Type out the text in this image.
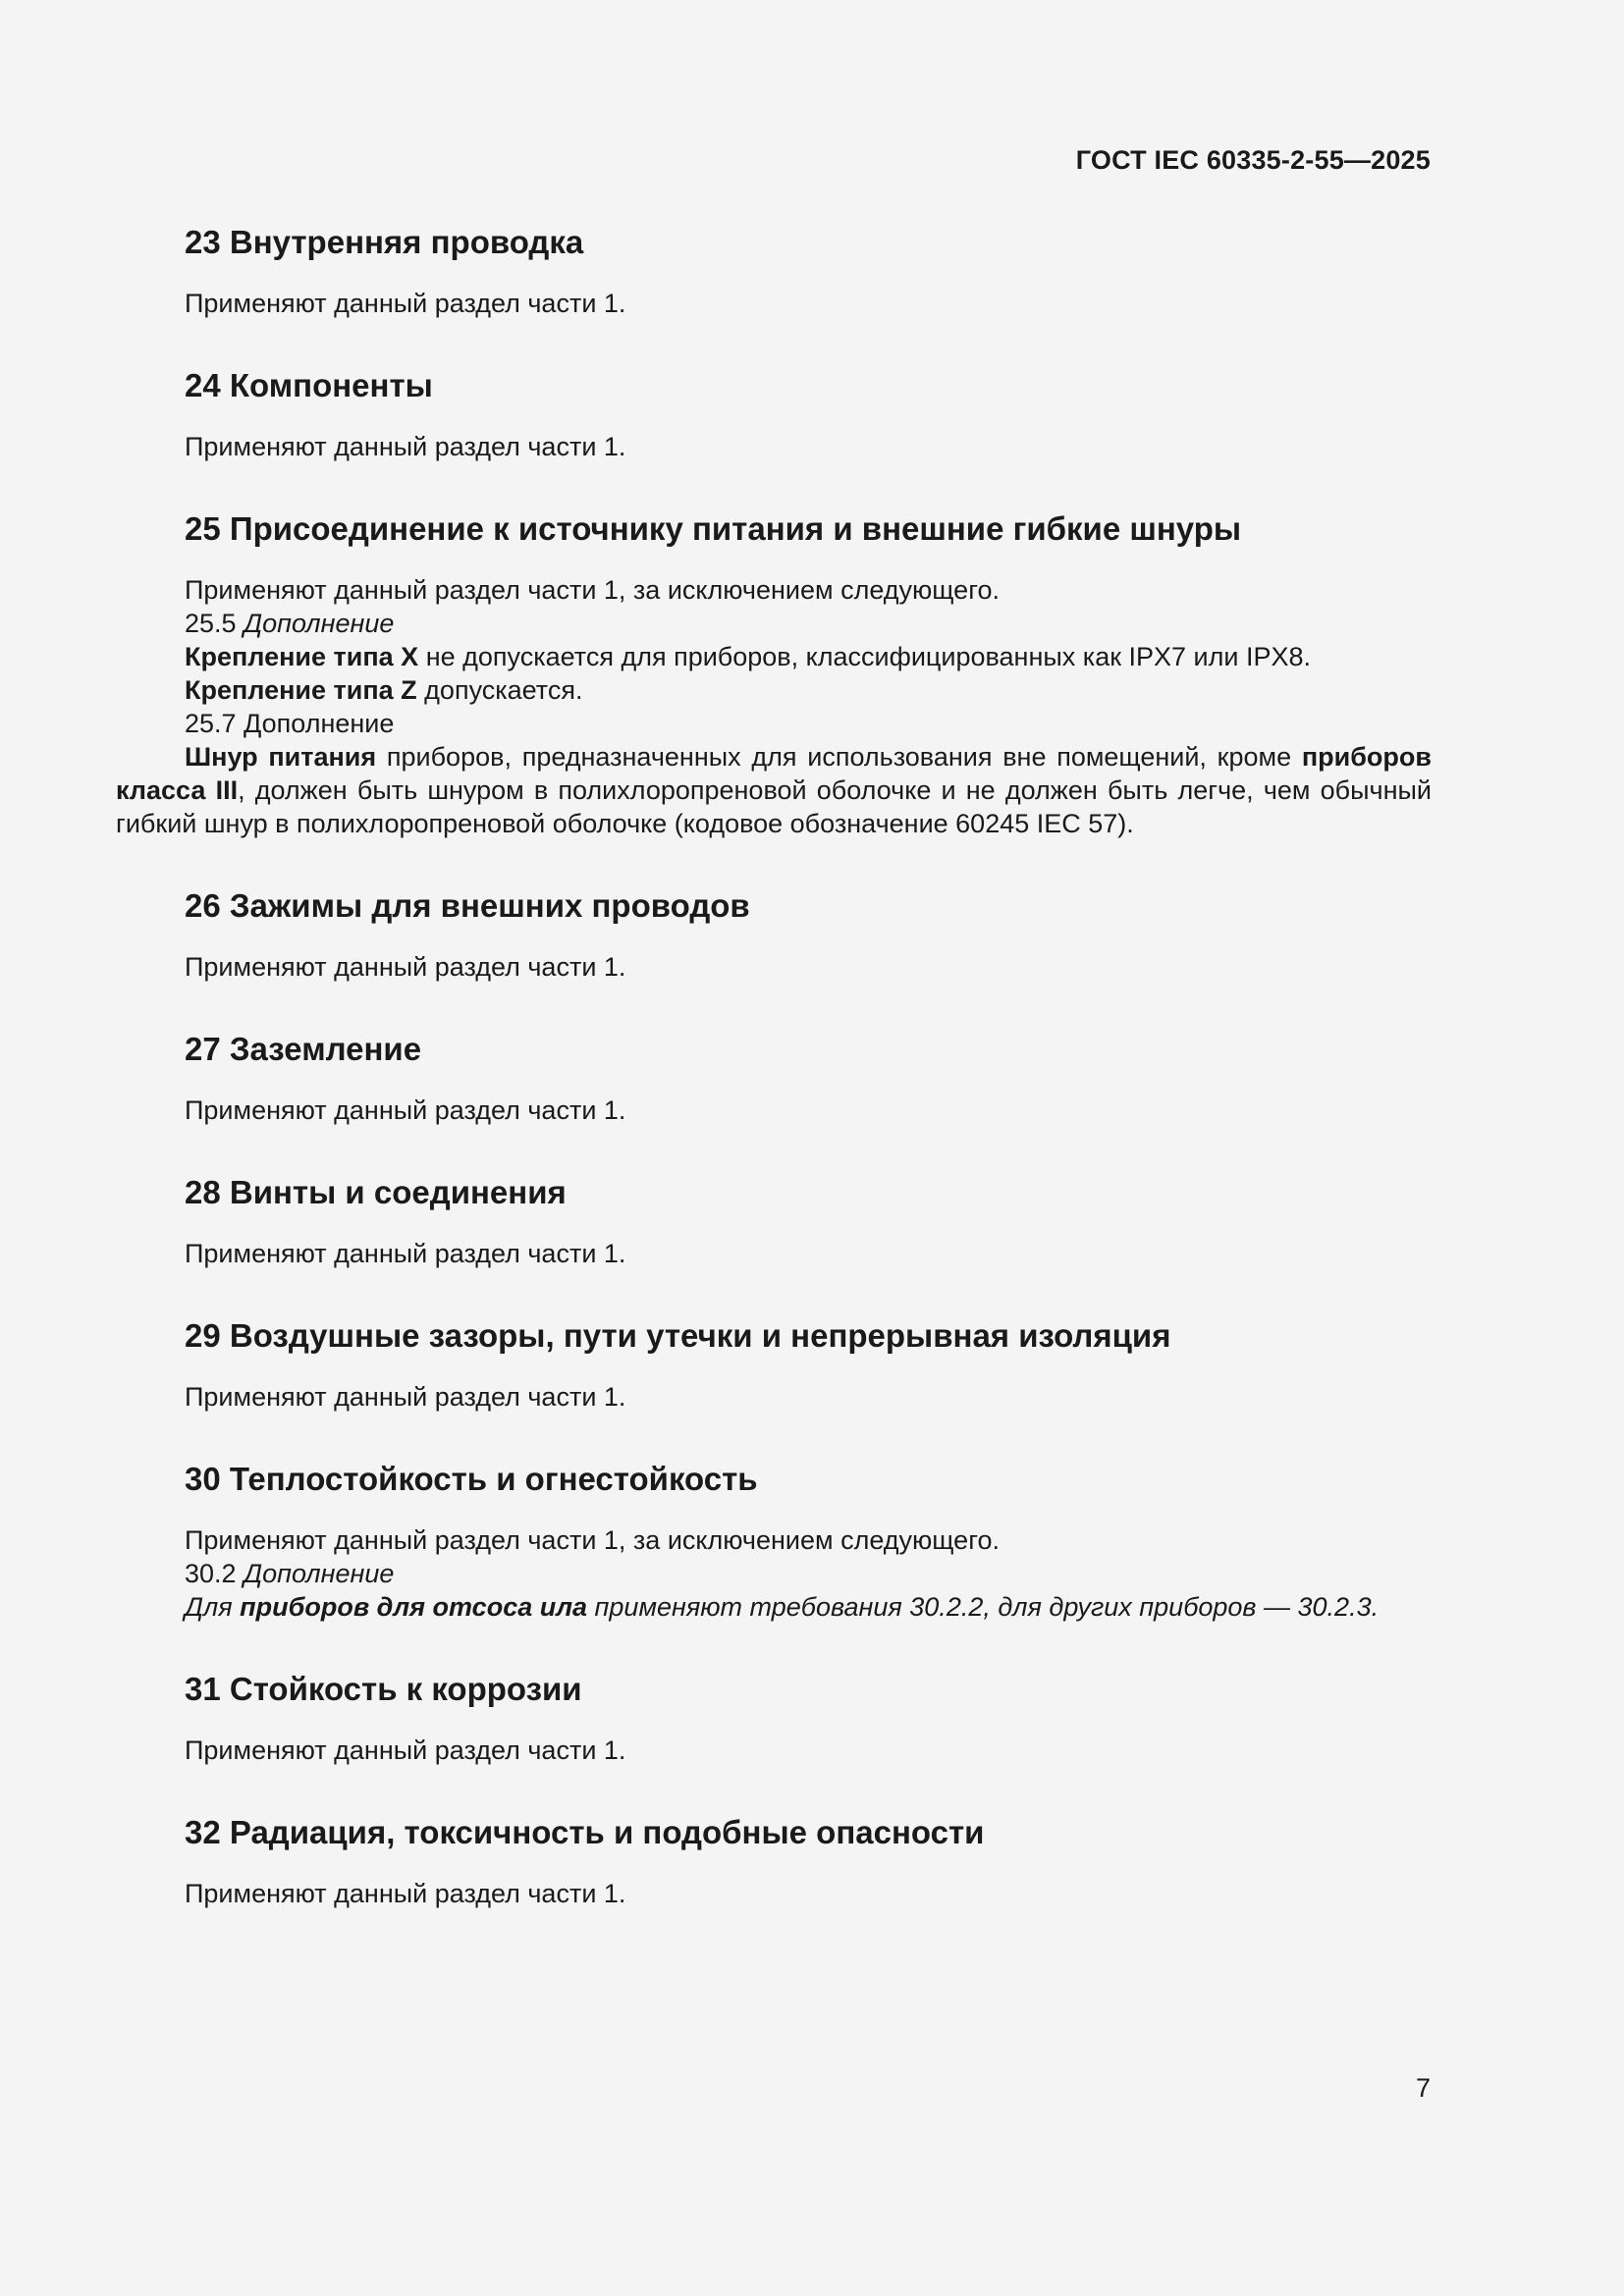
ГОСТ IEC 60335-2-55—2025
23 Внутренняя проводка
Применяют данный раздел части 1.
24 Компоненты
Применяют данный раздел части 1.
25 Присоединение к источнику питания и внешние гибкие шнуры
Применяют данный раздел части 1, за исключением следующего.
25.5 Дополнение
Крепление типа X не допускается для приборов, классифицированных как IPX7 или IPX8.
Крепление типа Z допускается.
25.7 Дополнение

Шнур питания приборов, предназначенных для использования вне помещений, кроме приборов класса III, должен быть шнуром в полихлоропреновой оболочке и не должен быть легче, чем обычный гибкий шнур в полихлоропреновой оболочке (кодовое обозначение 60245 IEC 57).

26 Зажимы для внешних проводов
Применяют данный раздел части 1.
27 Заземление
Применяют данный раздел части 1.
28 Винты и соединения
Применяют данный раздел части 1.
29 Воздушные зазоры, пути утечки и непрерывная изоляция
Применяют данный раздел части 1.
30 Теплостойкость и огнестойкость
Применяют данный раздел части 1, за исключением следующего.
30.2 Дополнение
Для приборов для отсоса ила применяют требования 30.2.2, для других приборов — 30.2.3.
31 Стойкость к коррозии
Применяют данный раздел части 1.
32 Радиация, токсичность и подобные опасности
Применяют данный раздел части 1.
7
